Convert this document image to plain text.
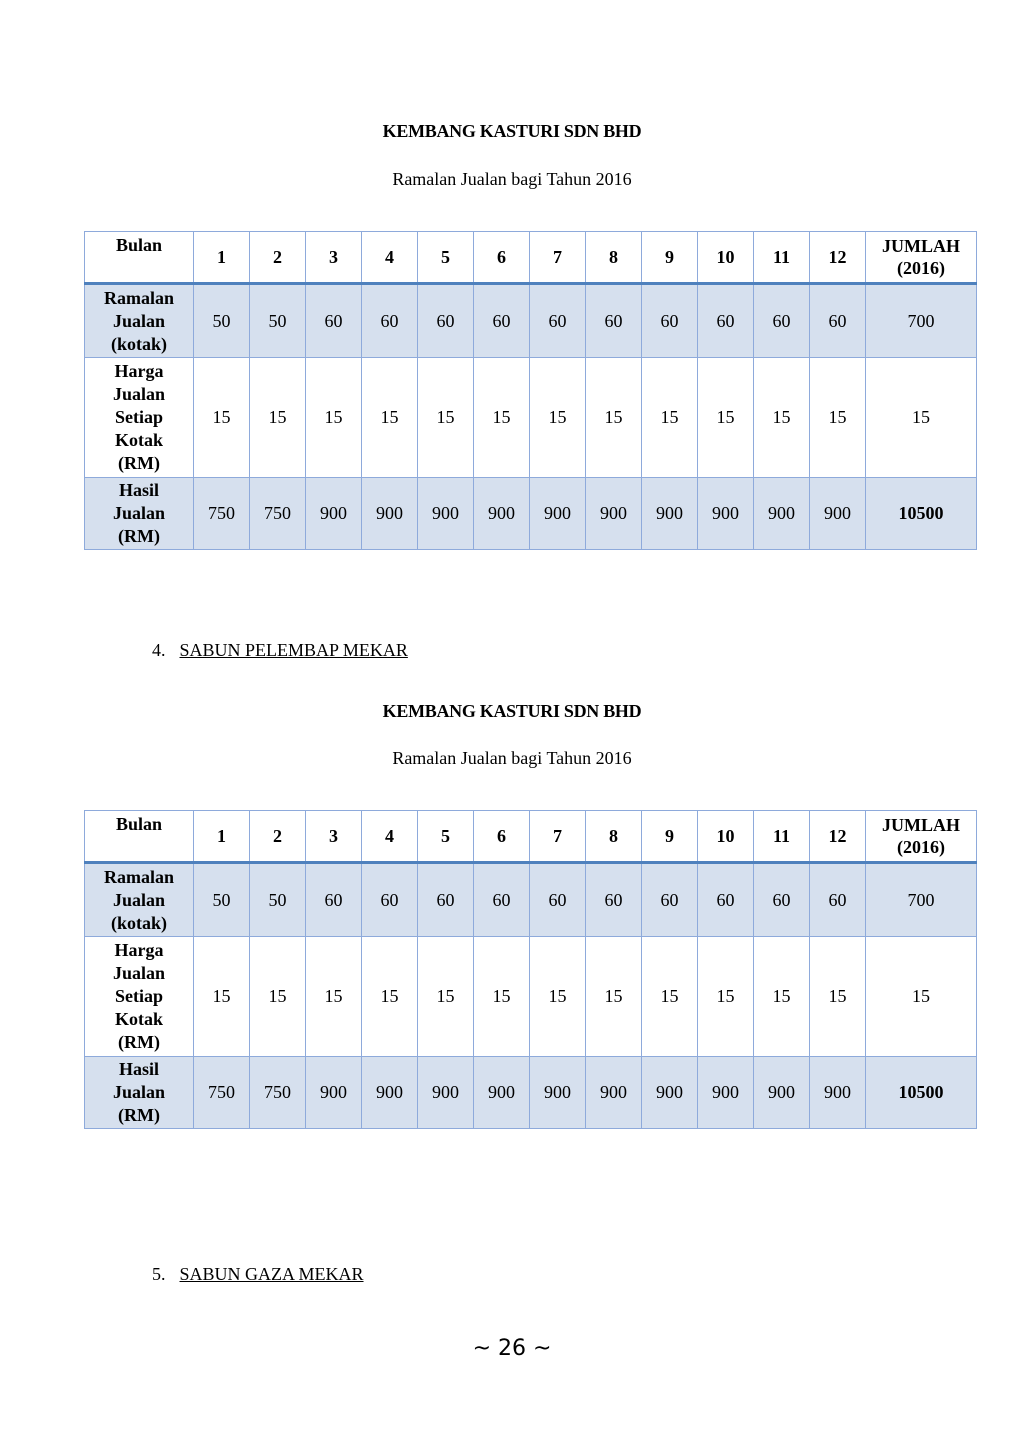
KEMBANG KASTURI SDN BHD
Ramalan Jualan bagi Tahun 2016
Bulan	1	2	3	4	5	6	7	8	9	10	11	12	JUMLAH
(2016)
Ramalan
Jualan
(kotak)	50	50	60	60	60	60	60	60	60	60	60	60	700
Harga
Jualan
Setiap
Kotak
(RM)	15	15	15	15	15	15	15	15	15	15	15	15	15
Hasil
Jualan
(RM)	750	750	900	900	900	900	900	900	900	900	900	900	10500
4. SABUN PELEMBAP MEKAR
KEMBANG KASTURI SDN BHD
Ramalan Jualan bagi Tahun 2016
Bulan	1	2	3	4	5	6	7	8	9	10	11	12	JUMLAH
(2016)
Ramalan
Jualan
(kotak)	50	50	60	60	60	60	60	60	60	60	60	60	700
Harga
Jualan
Setiap
Kotak
(RM)	15	15	15	15	15	15	15	15	15	15	15	15	15
Hasil
Jualan
(RM)	750	750	900	900	900	900	900	900	900	900	900	900	10500
5. SABUN GAZA MEKAR
~ 26 ~
